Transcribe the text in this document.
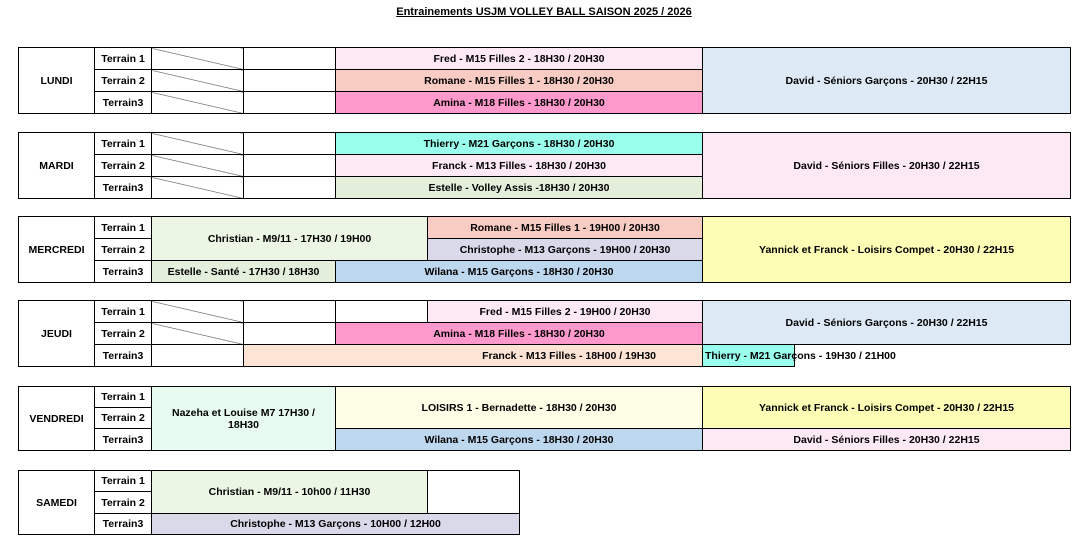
Entrainements USJM VOLLEY BALL SAISON 2025 / 2026
LUNDI	Terrain 1			Fred - M15 Filles 2 - 18H30 / 20H30	David - Séniors Garçons - 20H30 / 22H15
	Terrain 2			Romane - M15 Filles 1 - 18H30 / 20H30	
	Terrain3			Amina - M18 Filles - 18H30 / 20H30	
MARDI	Terrain 1			Thierry - M21 Garçons - 18H30 / 20H30	David - Séniors Filles - 20H30 / 22H15
	Terrain 2			Franck - M13 Filles - 18H30 / 20H30	
	Terrain3			Estelle - Volley Assis -18H30 / 20H30	
MERCREDI	Terrain 1	Christian - M9/11 - 17H30 / 19H00		Romane - M15 Filles 1 - 19H00 / 20H30	Yannick et Franck - Loisirs Compet - 20H30 / 22H15
	Terrain 2			Christophe - M13 Garçons - 19H00 / 20H30	
	Terrain3	Estelle - Santé - 17H30 / 18H30	Wilana - M15 Garçons - 18H30 / 20H30		
JEUDI	Terrain 1				Fred - M15 Filles 2 - 19H00 / 20H30	David - Séniors Garçons - 20H30 / 22H15	
	Terrain 2			Amina - M18 Filles - 18H30 / 20H30			
	Terrain3		Franck - M13 Filles - 18H00 / 19H30			Thierry - M21 Garçons - 19H30 / 21H00	
VENDREDI	Terrain 1	Nazeha et Louise M7 17H30 / 18H30	LOISIRS 1 - Bernadette - 18H30 / 20H30	Yannick et Franck - Loisirs Compet - 20H30 / 22H15
	Terrain 2			
	Terrain3		Wilana - M15 Garçons - 18H30 / 20H30	David - Séniors Filles - 20H30 / 22H15
SAMEDI	Terrain 1	Christian - M9/11 - 10h00 / 11H30	
	Terrain 2		
	Terrain3	Christophe - M13 Garçons - 10H00 / 12H00	
